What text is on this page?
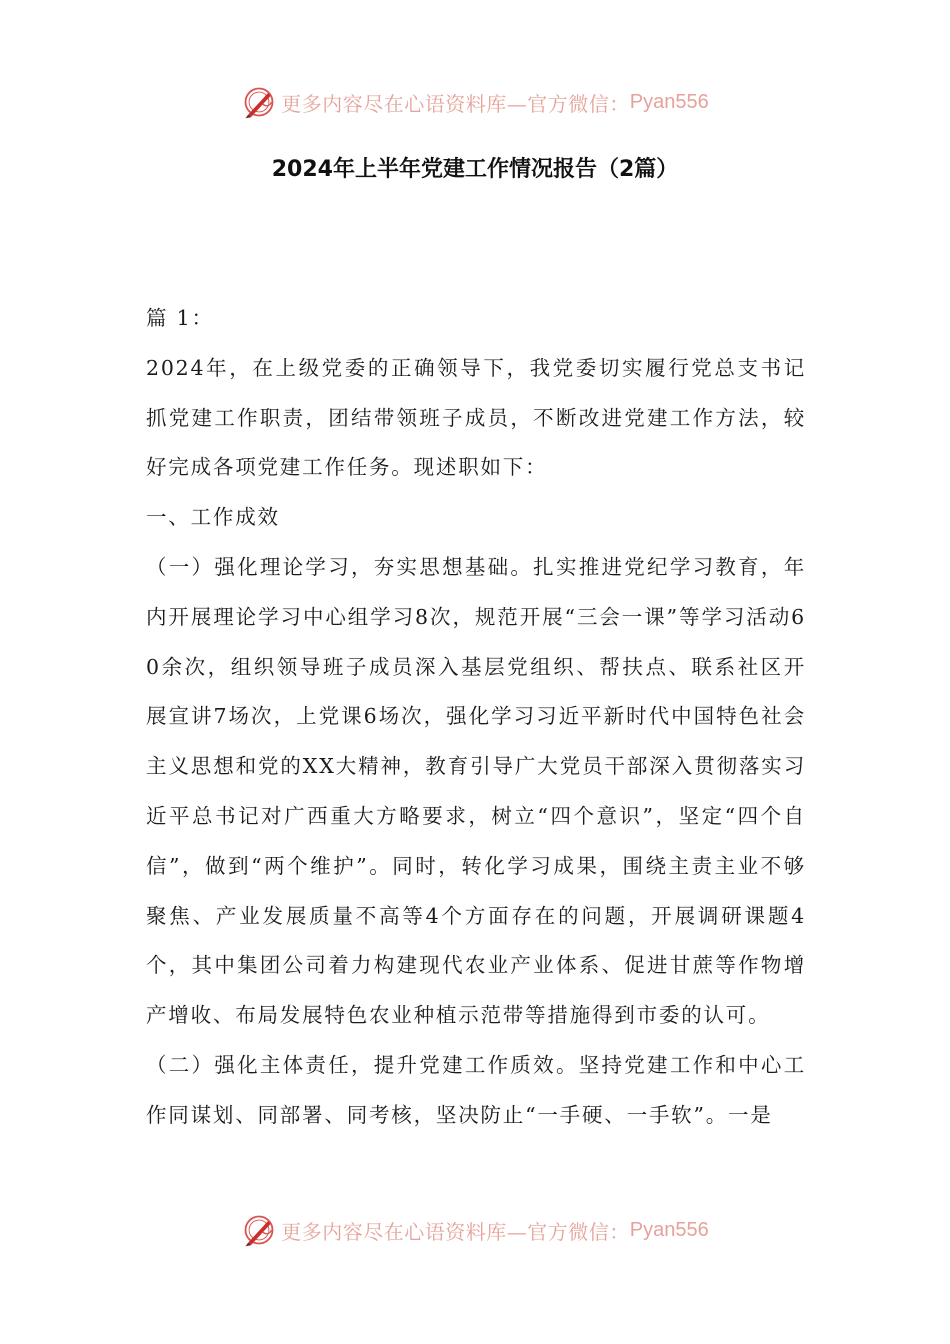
更多内容尽在心语资料库—官方微信： Pyan556
2024年上半年党建工作情况报告（2篇）

篇 1：

2024年，在上级党委的正确领导下，我党委切实履行党总支书记抓党建工作职责，团结带领班子成员，不断改进党建工作方法，较好完成各项党建工作任务。现述职如下：

一、工作成效

（一）强化理论学习，夯实思想基础。扎实推进党纪学习教育，年内开展理论学习中心组学习8次，规范开展“三会一课”等学习活动60余次，组织领导班子成员深入基层党组织、帮扶点、联系社区开展宣讲7场次，上党课6场次，强化学习习近平新时代中国特色社会主义思想和党的XX大精神，教育引导广大党员干部深入贯彻落实习近平总书记对广西重大方略要求，树立“四个意识”，坚定“四个自信”，做到“两个维护”。同时，转化学习成果，围绕主责主业不够聚焦、产业发展质量不高等4个方面存在的问题，开展调研课题4个，其中集团公司着力构建现代农业产业体系、促进甘蔗等作物增产增收、布局发展特色农业种植示范带等措施得到市委的认可。

（二）强化主体责任，提升党建工作质效。坚持党建工作和中心工作同谋划、同部署、同考核，坚决防止“一手硬、一手软”。一是

更多内容尽在心语资料库—官方微信： Pyan556
